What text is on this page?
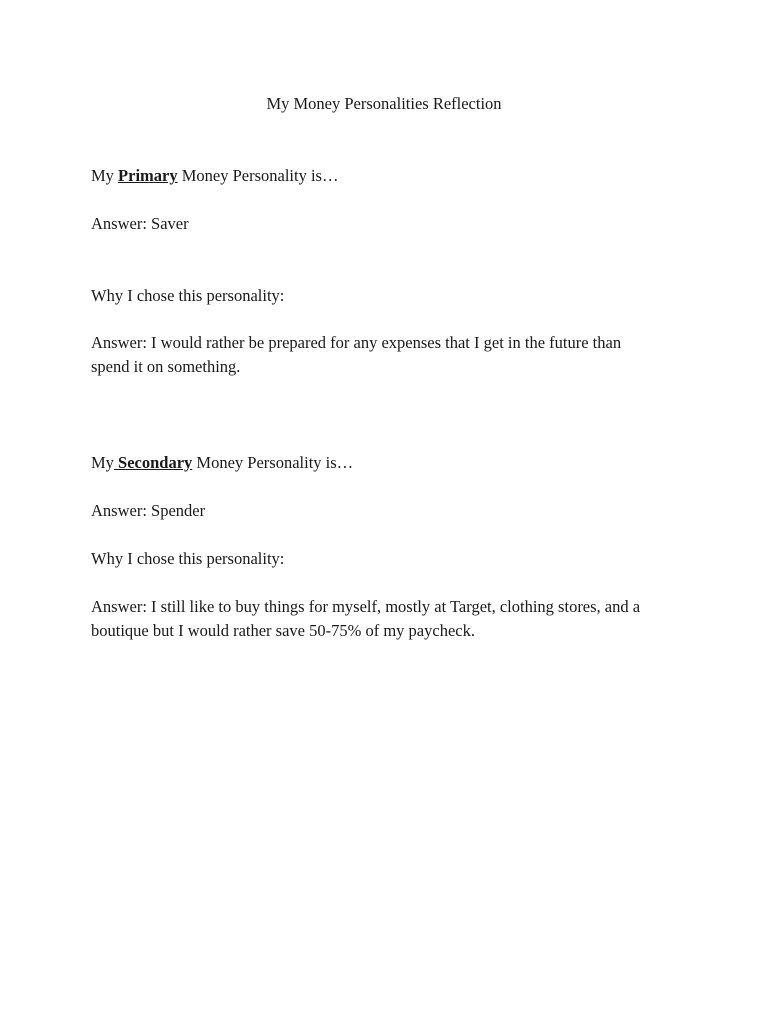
My Money Personalities Reflection

My Primary Money Personality is…

Answer: Saver

Why I chose this personality:

Answer: I would rather be prepared for any expenses that I get in the future than

spend it on something.

My Secondary Money Personality is…

Answer: Spender

Why I chose this personality:

Answer: I still like to buy things for myself, mostly at Target, clothing stores, and a

boutique but I would rather save 50-75% of my paycheck.
